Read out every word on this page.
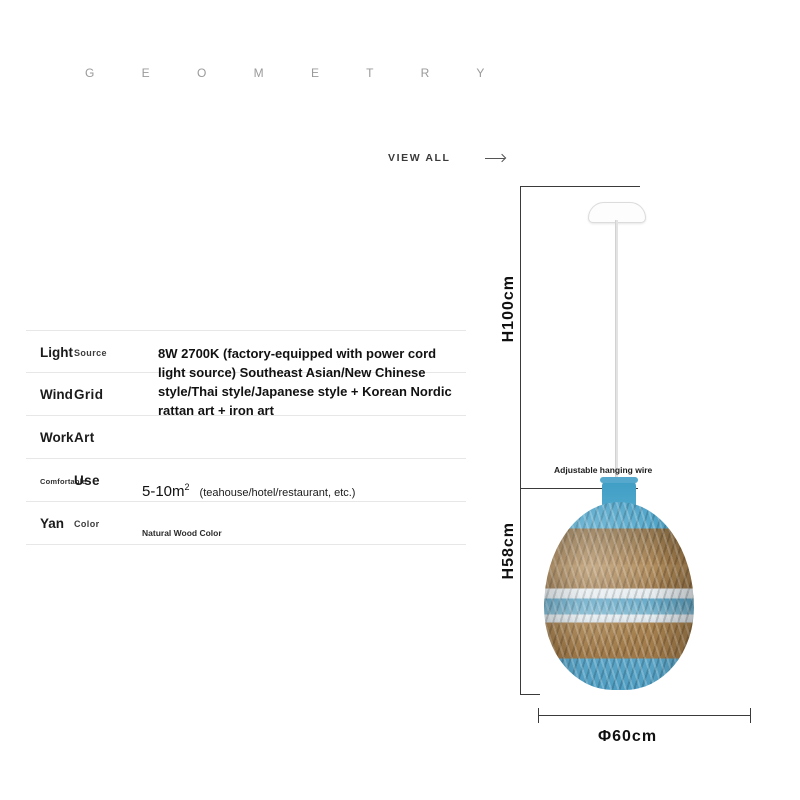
G E O M E T R Y
VIEW ALL
Light Source
Wind Grid
Work Art
Comfortable
Use
$5-10m^2$ (teahouse/hotel/restaurant, etc.)
Yan	Color
Natural Wood Color
8W 2700K (factory-equipped with power cord light source) Southeast Asian/New Chinese style/Thai style/Japanese style + Korean Nordic rattan art + iron art
H100cm
H58cm
Adjustable hanging wire
Φ60cm
